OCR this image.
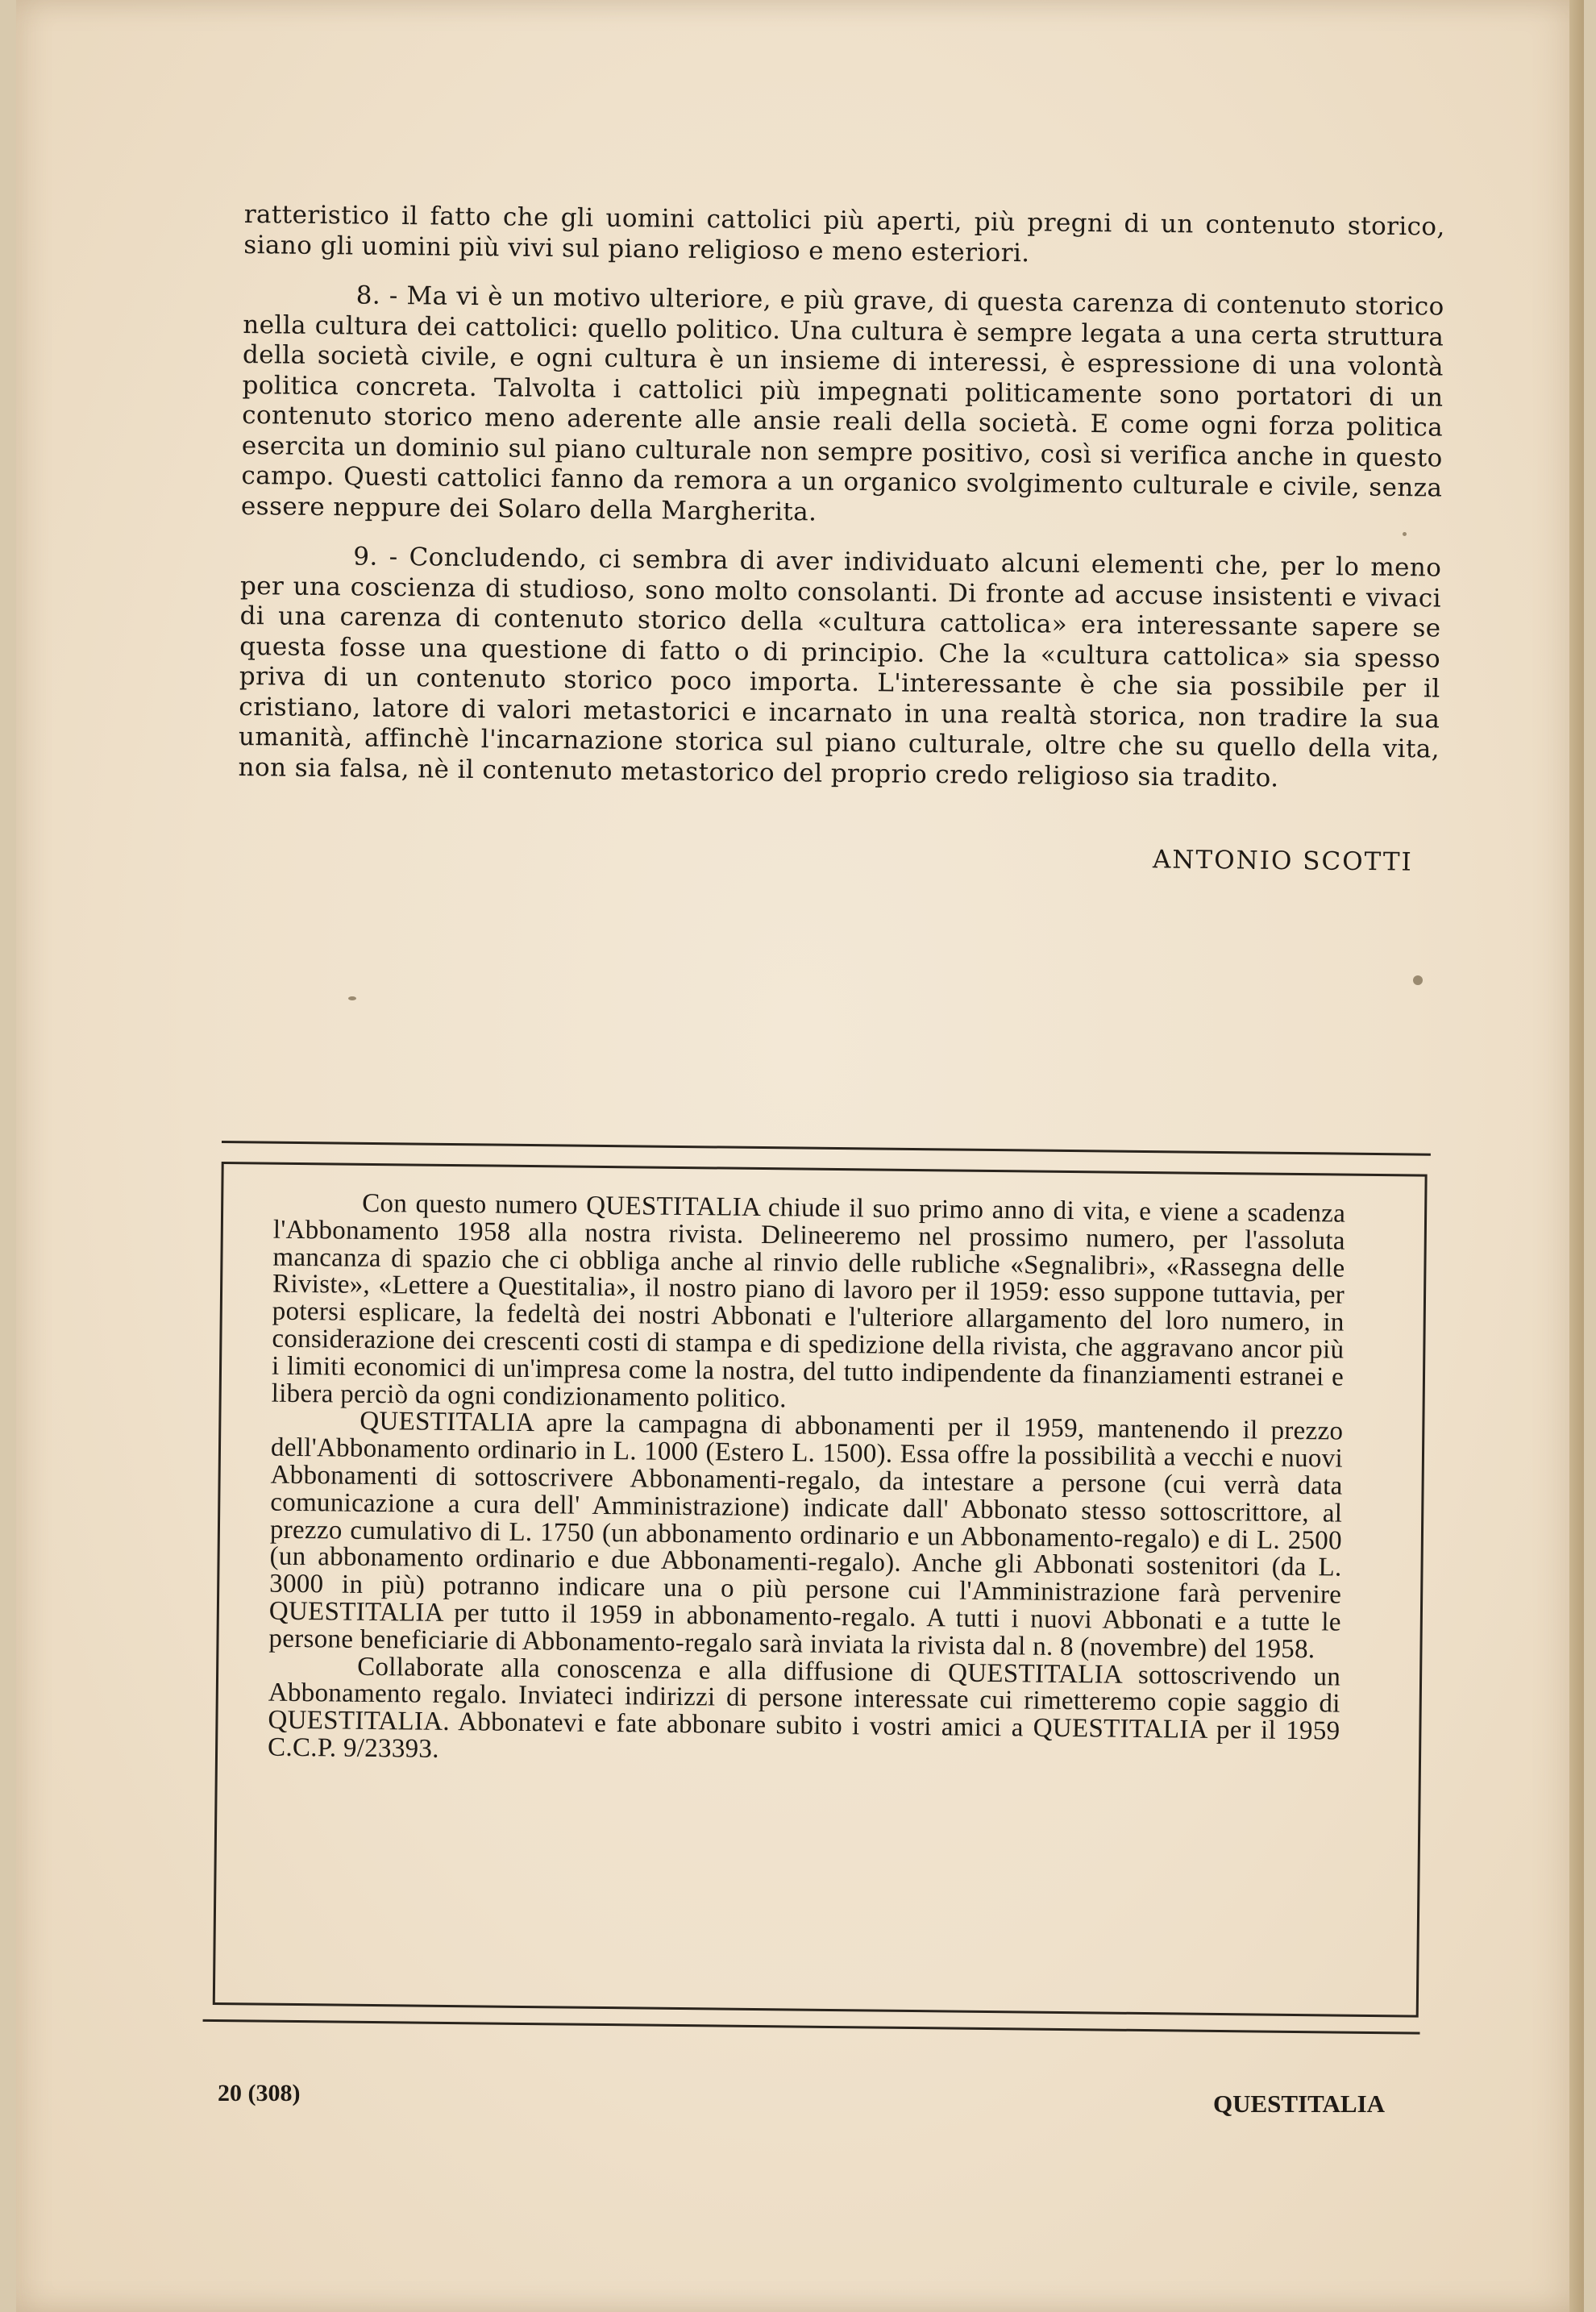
ratteristico il fatto che gli uomini cattolici più aperti, più pregni di un contenuto storico, siano gli uomini più vivi sul piano religioso e meno esteriori.

8. - Ma vi è un motivo ulteriore, e più grave, di questa carenza di contenuto storico nella cultura dei cattolici: quello politico. Una cultura è sempre legata a una certa struttura della società civile, e ogni cultura è un insieme di interessi, è espressione di una volontà politica concreta. Talvolta i cattolici più impegnati politicamente sono portatori di un contenuto storico meno aderente alle ansie reali della società. E come ogni forza politica esercita un dominio sul piano culturale non sempre positivo, così si verifica anche in questo campo. Questi cattolici fanno da remora a un organico svolgimento culturale e civile, senza essere neppure dei Solaro della Margherita.

9. - Concludendo, ci sembra di aver individuato alcuni elementi che, per lo meno per una coscienza di studioso, sono molto consolanti. Di fronte ad accuse insistenti e vivaci di una carenza di contenuto storico della «cultura cattolica» era interessante sapere se questa fosse una questione di fatto o di principio. Che la «cultura cattolica» sia spesso priva di un contenuto storico poco importa. L'interessante è che sia possibile per il cristiano, latore di valori metastorici e incarnato in una realtà storica, non tradire la sua umanità, affinchè l'incarnazione storica sul piano culturale, oltre che su quello della vita, non sia falsa, nè il contenuto metastorico del proprio credo religioso sia tradito.

ANTONIO SCOTTI

Con questo numero QUESTITALIA chiude il suo primo anno di vita, e viene a scadenza l'Abbonamento 1958 alla nostra rivista. Delineeremo nel prossimo numero, per l'assoluta mancanza di spazio che ci obbliga anche al rinvio delle rubliche «Segnalibri», «Rassegna delle Riviste», «Lettere a Questitalia», il nostro piano di lavoro per il 1959: esso suppone tuttavia, per potersi esplicare, la fedeltà dei nostri Abbonati e l'ulteriore allargamento del loro numero, in considerazione dei crescenti costi di stampa e di spedizione della rivista, che aggravano ancor più i limiti economici di un'impresa come la nostra, del tutto indipendente da finanziamenti estranei e libera perciò da ogni condizionamento politico.

QUESTITALIA apre la campagna di abbonamenti per il 1959, mantenendo il prezzo dell'Abbonamento ordinario in L. 1000 (Estero L. 1500). Essa offre la possibilità a vecchi e nuovi Abbonamenti di sottoscrivere Abbonamenti-regalo, da intestare a persone (cui verrà data comunicazione a cura dell' Amministrazione) indicate dall' Abbonato stesso sottoscrittore, al prezzo cumulativo di L. 1750 (un abbonamento ordinario e un Abbonamento-regalo) e di L. 2500 (un abbonamento ordinario e due Abbonamenti-regalo). Anche gli Abbonati sostenitori (da L. 3000 in più) potranno indicare una o più persone cui l'Amministrazione farà pervenire QUESTITALIA per tutto il 1959 in abbonamento-regalo. A tutti i nuovi Abbonati e a tutte le persone beneficiarie di Abbonamento-regalo sarà inviata la rivista dal n. 8 (novembre) del 1958.

Collaborate alla conoscenza e alla diffusione di QUESTITALIA sottoscrivendo un Abbonamento regalo. Inviateci indirizzi di persone interessate cui rimetteremo copie saggio di QUESTITALIA. Abbonatevi e fate abbonare subito i vostri amici a QUESTITALIA per il 1959 C.C.P. 9/23393.

20 (308)	QUESTITALIA
